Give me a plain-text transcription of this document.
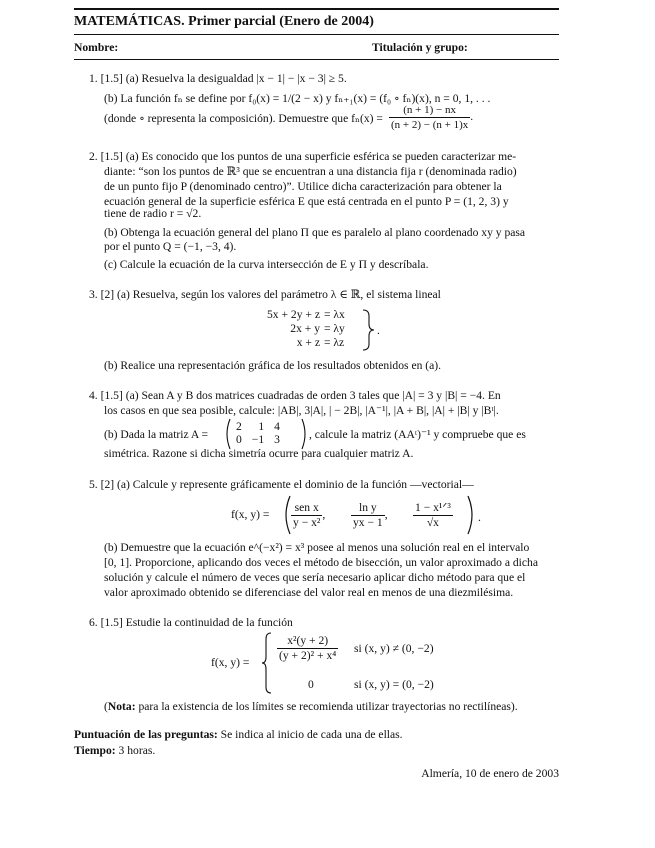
MATEMÁTICAS. Primer parcial (Enero de 2004)
Nombre:	Titulación y grupo:
1. [1.5] (a) Resuelva la desigualdad |x − 1| − |x − 3| ≥ 5.
(b) La función fₙ se define por f₀(x) = 1/(2 − x) y fₙ₊₁(x) = (f₀ ∘ fₙ)(x), n = 0, 1, . . .
(donde ∘ representa la composición). Demuestre que $f_n(x) = \frac{(n + 1) - nx}{(n + 2) - (n + 1)x}$ .
2. [1.5] (a) Es conocido que los puntos de una superficie esférica se pueden caracterizar me-
diante: “son los puntos de ℝ³ que se encuentran a una distancia fija r (denominada radio)
de un punto fijo P (denominado centro)”. Utilice dicha caracterización para obtener la
ecuación general de la superficie esférica E que está centrada en el punto P = (1, 2, 3) y
tiene de radio r = √2.
(b) Obtenga la ecuación general del plano Π que es paralelo al plano coordenado xy y pasa
por el punto Q = (−1, −3, 4).
(c) Calcule la ecuación de la curva intersección de E y Π y descríbala.
3. [2] (a) Resuelva, según los valores del parámetro λ ∈ ℝ, el sistema lineal
5x + 2y + z
2x + y
x + z
= λx
= λy
= λz
.
(b) Realice una representación gráfica de los resultados obtenidos en (a).
4. [1.5] (a) Sean A y B dos matrices cuadradas de orden 3 tales que |A| = 3 y |B| = −4. En
los casos en que sea posible, calcule: |AB|, 3|A|, | − 2B|, |A⁻¹|, |A + B|, |A| + |B| y |Bᵗ|.
(b) Dada la matriz A =
2	1	4
0	−1	3	, calcule la matriz (AAᵗ)⁻¹ y compruebe que es
simétrica. Razone si dicha simetría ocurre para cualquier matriz A.
5. [2] (a) Calcule y represente gráficamente el dominio de la función —vectorial—
f(x, $y) = \frac{\text{sen x}}{\text{y − x²}}$ , $\frac{\text{ln y}}{yx - 1}$ , $\frac{\text{1 − x¹ᐟ³}}{√x}$ .
(b) Demuestre que la ecuación e^(−x²) = x³ posee al menos una solución real en el intervalo
[0, 1]. Proporcione, aplicando dos veces el método de bisección, un valor aproximado a dicha
solución y calcule el número de veces que sería necesario aplicar dicho método para que el
valor aproximado obtenido se diferenciase del valor real en menos de una diezmilésima.
6. [1.5] Estudie la continuidad de la función
f(x, $y) = \frac{\text{x²(y + 2)}}{\text{(y + 2)² + x⁴}}$ si (x, y) ≠ (0, −2)
0	si (x, y) = (0, −2)
(Nota: para la existencia de los límites se recomienda utilizar trayectorias no rectilíneas).
Puntuación de las preguntas: Se indica al inicio de cada una de ellas.
Tiempo: 3 horas.
Almería, 10 de enero de 2003
